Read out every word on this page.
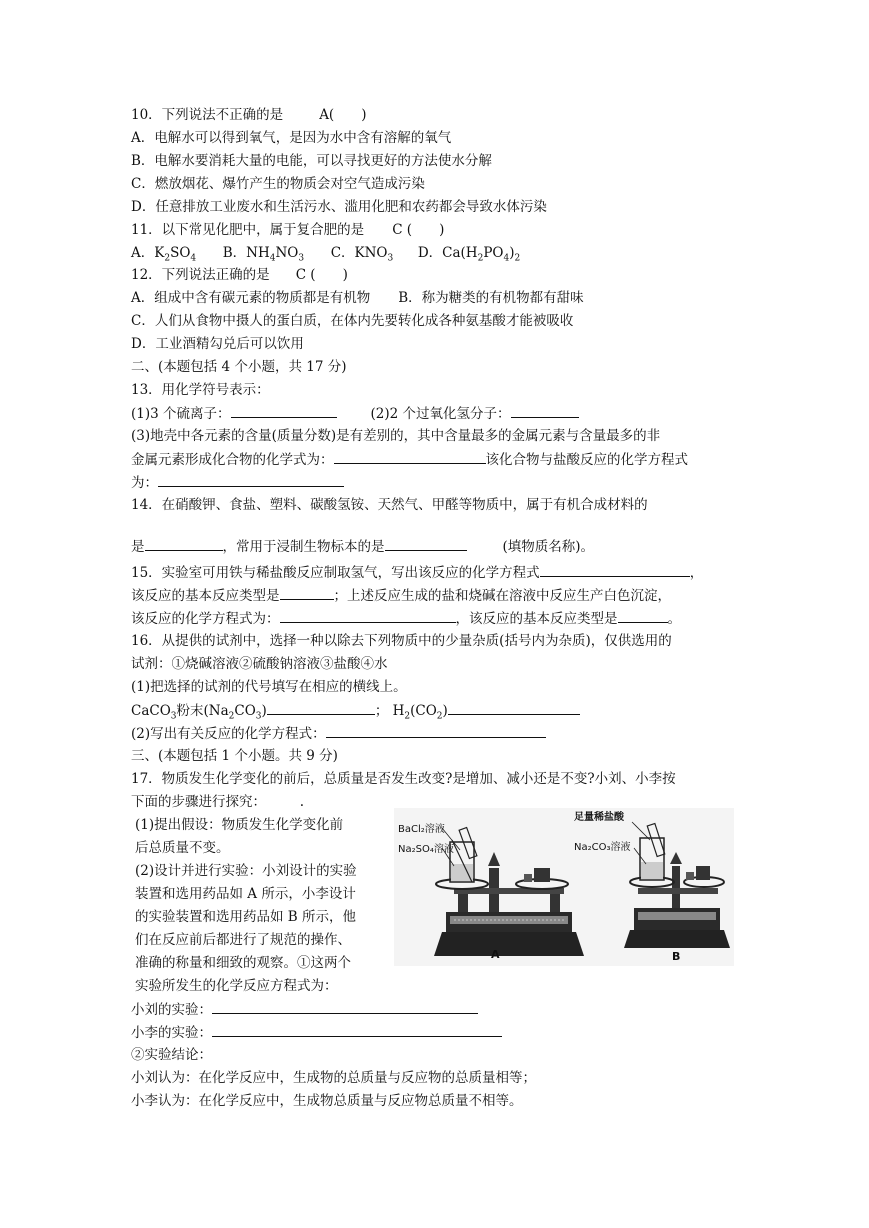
10．下列说法不正确的是	A(　　)
A．电解水可以得到氧气，是因为水中含有溶解的氧气
B．电解水要消耗大量的电能，可以寻找更好的方法使水分解
C．燃放烟花、爆竹产生的物质会对空气造成污染
D．任意排放工业废水和生活污水、滥用化肥和农药都会导致水体污染
11．以下常见化肥中，属于复合肥的是 C (　　)
A．$K_2SO_4$ B．$NH_4NO_3$ C．$KNO_3$ D．$Ca(H_2PO_4)_2$
12．下列说法正确的是 C (　　)
A．组成中含有碳元素的物质都是有机物 B．称为糖类的有机物都有甜味
C．人们从食物中摄人的蛋白质，在体内先要转化成各种氨基酸才能被吸收
D．工业酒精勾兑后可以饮用
二、(本题包括 4 个小题，共 17 分)
13．用化学符号表示：
(1)3 个硫离子：	(2)2 个过氧化氢分子：
(3)地壳中各元素的含量(质量分数)是有差别的，其中含量最多的金属元素与含量最多的非
金属元素形成化合物的化学式为：	该化合物与盐酸反应的化学方程式
为：
14．在硝酸钾、食盐、塑料、碳酸氢铵、天然气、甲醛等物质中，属于有机合成材料的
是	，常用于浸制生物标本的是	(填物质名称)。
15．实验室可用铁与稀盐酸反应制取氢气，写出该反应的化学方程式	，
该反应的基本反应类型是	；上述反应生成的盐和烧碱在溶液中反应生产白色沉淀，
该反应的化学方程式为：	，该反应的基本反应类型是	。
16．从提供的试剂中，选择一种以除去下列物质中的少量杂质(括号内为杂质)，仅供选用的
试剂：①烧碱溶液②硫酸钠溶液③盐酸④水
(1)把选择的试剂的代号填写在相应的横线上。
CaCO$_3$粉末$(Na_2CO_3)$	； $H_2(CO_2)$
(2)写出有关反应的化学方程式：
三、(本题包括 1 个小题。共 9 分)
17．物质发生化学变化的前后，总质量是否发生改变?是增加、减小还是不变?小刘、小李按
下面的步骤进行探究：　　　.
(1)提出假设：物质发生化学变化前
后总质量不变。
(2)设计并进行实验：小刘设计的实验
装置和选用药品如 A 所示，小李设计
的实验装置和选用药品如 B 所示，他
们在反应前后都进行了规范的操作、
准确的称量和细致的观察。①这两个
实验所发生的化学反应方程式为：
小刘的实验：
小李的实验：
②实验结论：
小刘认为：在化学反应中，生成物的总质量与反应物的总质量相等；
小李认为：在化学反应中，生成物总质量与反应物总质量不相等。
BaCl₂溶液
Na₂SO₄溶液
A
足量稀盐酸
Na₂CO₃溶液
B
